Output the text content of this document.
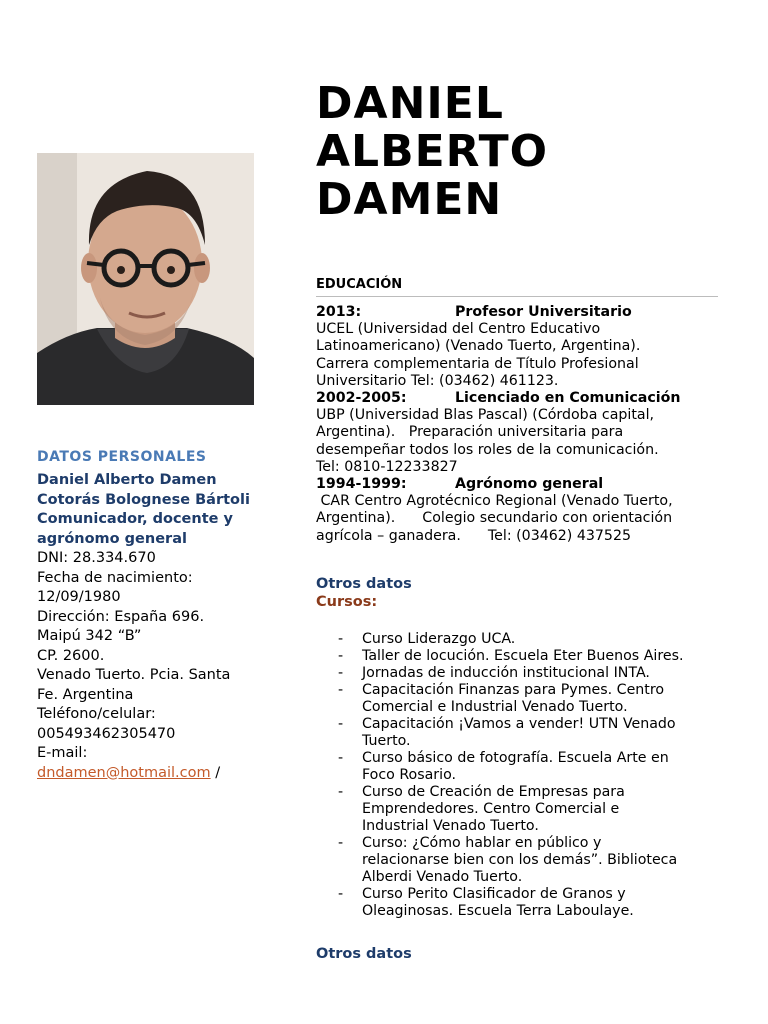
DATOS PERSONALES
Daniel Alberto Damen
Cotorás Bolognese Bártoli
Comunicador, docente y
agrónomo general
DNI: 28.334.670
Fecha de nacimiento:
12/09/1980
Dirección: España 696.
Maipú 342 “B”
CP. 2600.
Venado Tuerto. Pcia. Santa
Fe. Argentina
Teléfono/celular:
005493462305470
E-mail:
dndamen@hotmail.com /
DANIEL
ALBERTO
DAMEN
EDUCACIÓN
2013:	Profesor Universitario
UCEL (Universidad del Centro Educativo
Latinoamericano) (Venado Tuerto, Argentina).
Carrera complementaria de Título Profesional
Universitario Tel: (03462) 461123.
2002-2005:	Licenciado en Comunicación
UBP (Universidad Blas Pascal) (Córdoba capital,
Argentina).   Preparación universitaria para
desempeñar todos los roles de la comunicación.
Tel: 0810-12233827
1994-1999:	Agrónomo general
CAR Centro Agrotécnico Regional (Venado Tuerto,
Argentina).      Colegio secundario con orientación
agrícola – ganadera.      Tel: (03462) 437525
Otros datos
Cursos:
- Curso Liderazgo UCA.
- Taller de locución. Escuela Eter Buenos Aires.
- Jornadas de inducción institucional INTA.
- Capacitación Finanzas para Pymes. Centro
Comercial e Industrial Venado Tuerto.
- Capacitación ¡Vamos a vender! UTN Venado
Tuerto.
- Curso básico de fotografía. Escuela Arte en
Foco Rosario.
- Curso de Creación de Empresas para
Emprendedores. Centro Comercial e
Industrial Venado Tuerto.
- Curso: ¿Cómo hablar en público y
relacionarse bien con los demás”. Biblioteca
Alberdi Venado Tuerto.
- Curso Perito Clasificador de Granos y
Oleaginosas. Escuela Terra Laboulaye.
Otros datos
